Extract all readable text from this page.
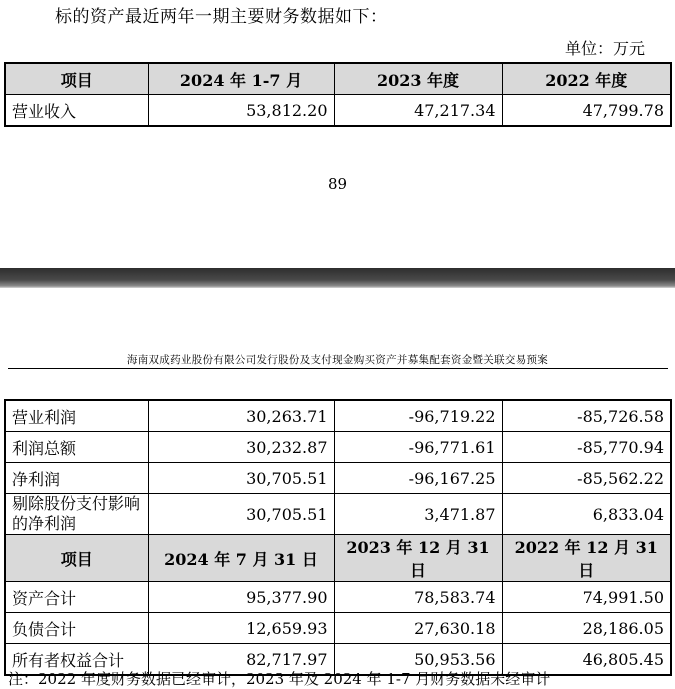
标的资产最近两年一期主要财务数据如下：
单位：万元
项目	2024 年 1-7 月	2023 年度	2022 年度
营业收入	53,812.20	47,217.34	47,799.78
89
海南双成药业股份有限公司发行股份及支付现金购买资产并募集配套资金暨关联交易预案
营业利润	30,263.71	-96,719.22	-85,726.58
利润总额	30,232.87	-96,771.61	-85,770.94
净利润	30,705.51	-96,167.25	-85,562.22
剔除股份支付影响的净利润	30,705.51	3,471.87	6,833.04
项目	2024 年 7 月 31 日	2023 年 12 月 31 日	2022 年 12 月 31 日
资产合计	95,377.90	78,583.74	74,991.50
负债合计	12,659.93	27,630.18	28,186.05
所有者权益合计	82,717.97	50,953.56	46,805.45
注：2022 年度财务数据已经审计，2023 年及 2024 年 1-7 月财务数据未经审计
